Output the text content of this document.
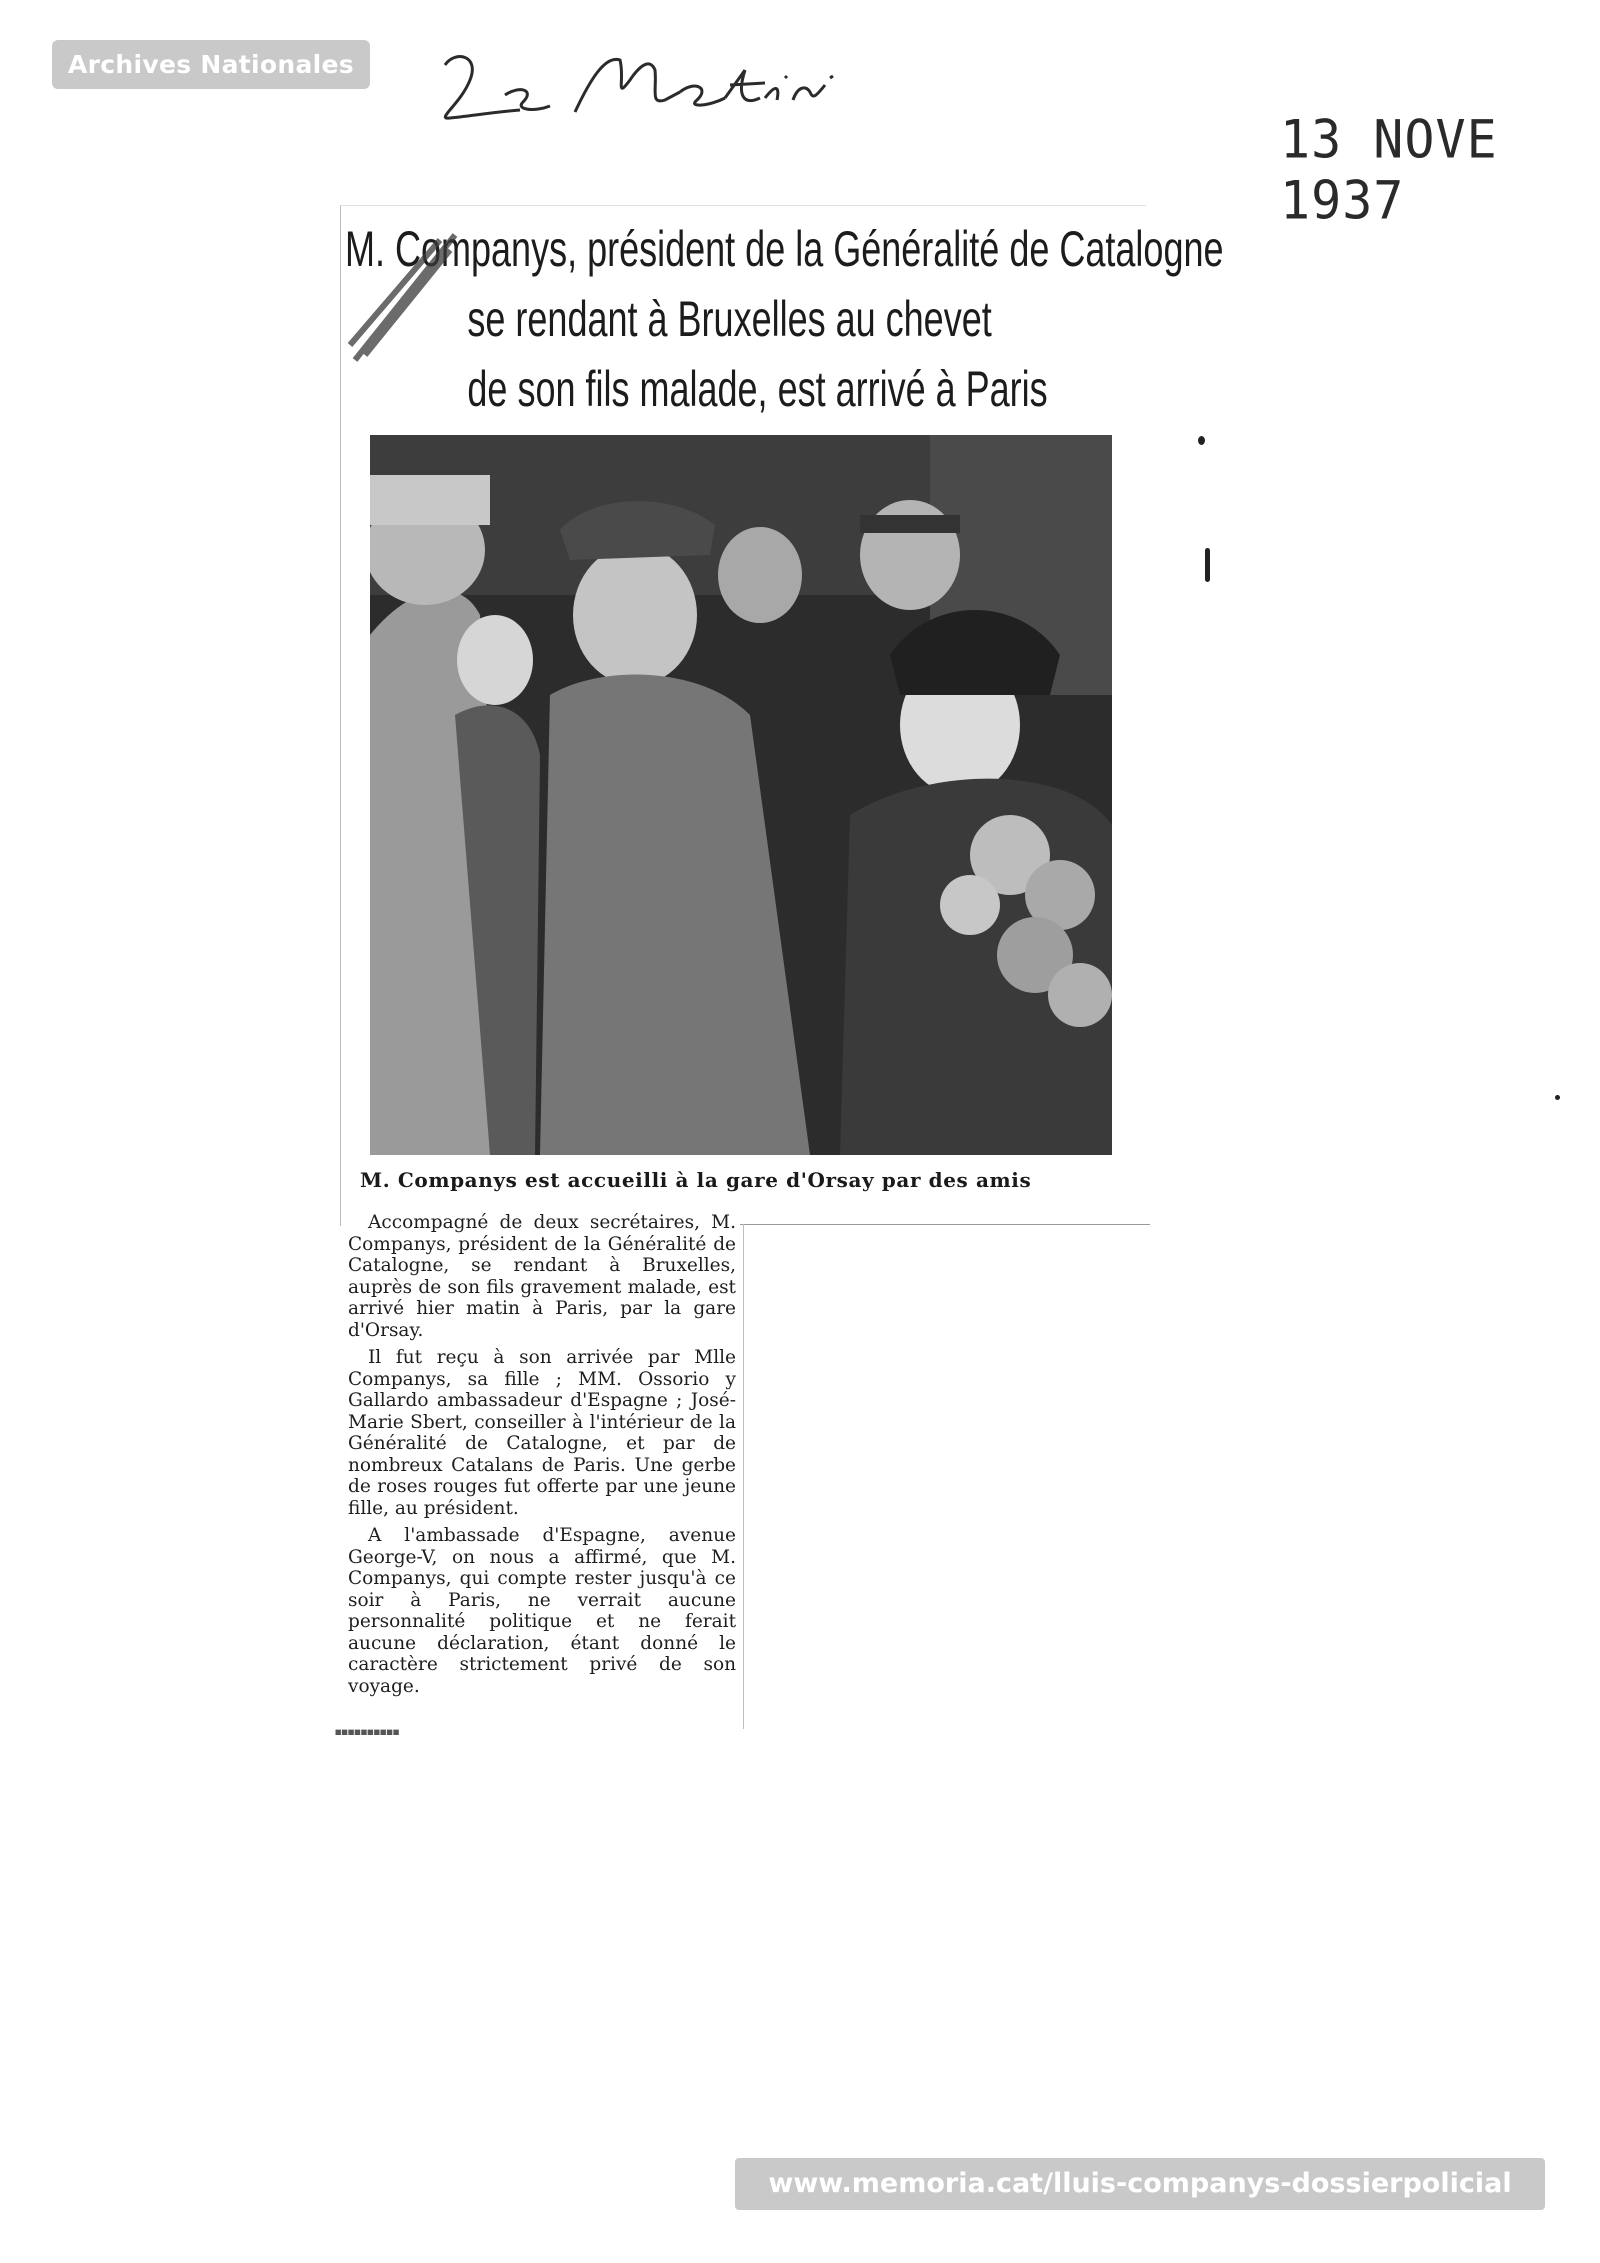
Archives Nationales
13 NOVE 1937
M. Companys, président de la Généralité de Catalogne
se rendant à Bruxelles au chevet
de son fils malade, est arrivé à Paris
M. Companys est accueilli à la gare d'Orsay par des amis

Accompagné de deux secrétaires, M. Companys, président de la Généralité de Catalogne, se rendant à Bruxelles, auprès de son fils gravement malade, est arrivé hier matin à Paris, par la gare d'Orsay.

Il fut reçu à son arrivée par Mlle Companys, sa fille ; MM. Ossorio y Gallardo ambassadeur d'Espagne ; José-Marie Sbert, conseiller à l'intérieur de la Généralité de Catalogne, et par de nombreux Catalans de Paris. Une gerbe de roses rouges fut offerte par une jeune fille, au président.

A l'ambassade d'Espagne, avenue George-V, on nous a affirmé, que M. Companys, qui compte rester jusqu'à ce soir à Paris, ne verrait aucune personnalité politique et ne ferait aucune déclaration, étant donné le caractère strictement privé de son voyage.

▪▪▪▪▪▪▪▪▪▪
www.memoria.cat/lluis-companys-dossierpolicial
